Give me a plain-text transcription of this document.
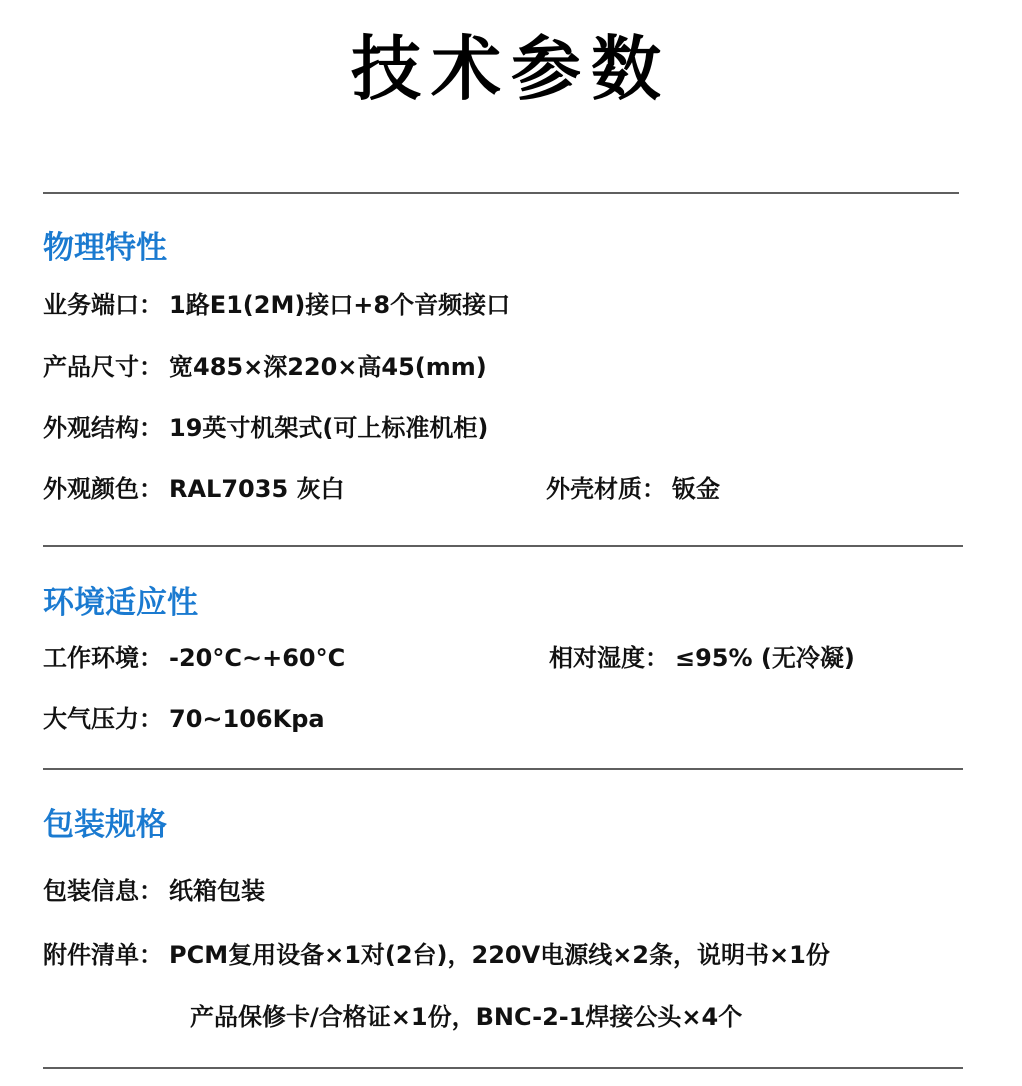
技术参数
物理特性
业务端口： 1路E1(2M)接口+8个音频接口
产品尺寸： 宽485×深220×高45(mm)
外观结构： 19英寸机架式(可上标准机柜)
外观颜色： RAL7035 灰白	外壳材质： 钣金
环境适应性
工作环境： -20°C~+60°C	相对湿度： ≤95% (无冷凝)
大气压力： 70~106Kpa
包装规格
包装信息： 纸箱包装
附件清单： PCM复用设备×1对(2台)，220V电源线×2条，说明书×1份
产品保修卡/合格证×1份，BNC-2-1焊接公头×4个
